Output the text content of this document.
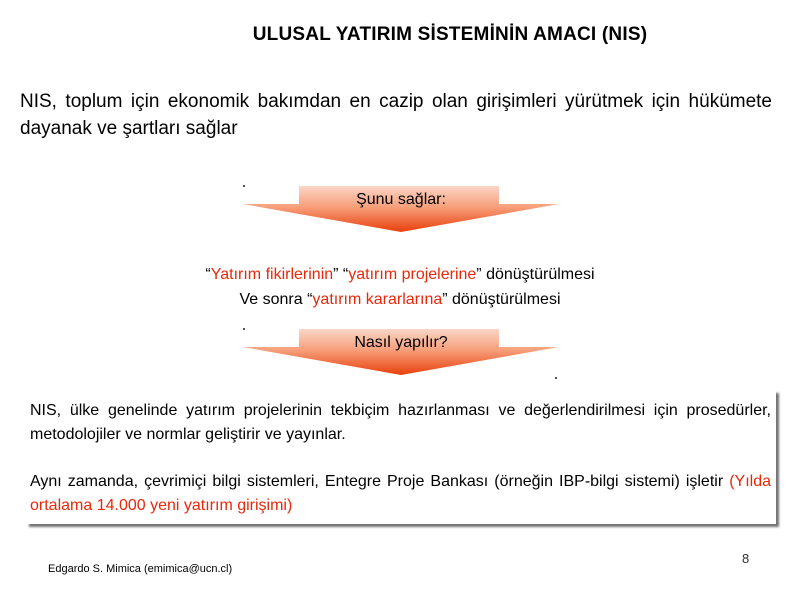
ULUSAL YATIRIM SİSTEMİNİN AMACI (NIS)
NIS, toplum için ekonomik bakımdan en cazip olan girişimleri yürütmek için hükümete dayanak ve şartları sağlar
Şunu sağlar:
“Yatırım fikirlerinin” “yatırım projelerine” dönüştürülmesi
Ve sonra “yatırım kararlarına” dönüştürülmesi
Nasıl yapılır?

NIS, ülke genelinde yatırım projelerinin tekbiçim hazırlanması ve değerlendirilmesi için prosedürler, metodolojiler ve normlar geliştirir ve yayınlar.

Aynı zamanda, çevrimiçi bilgi sistemleri, Entegre Proje Bankası (örneğin IBP-bilgi sistemi) işletir (Yılda ortalama 14.000 yeni yatırım girişimi)

Edgardo S. Mimica (emimica@ucn.cl)
8
